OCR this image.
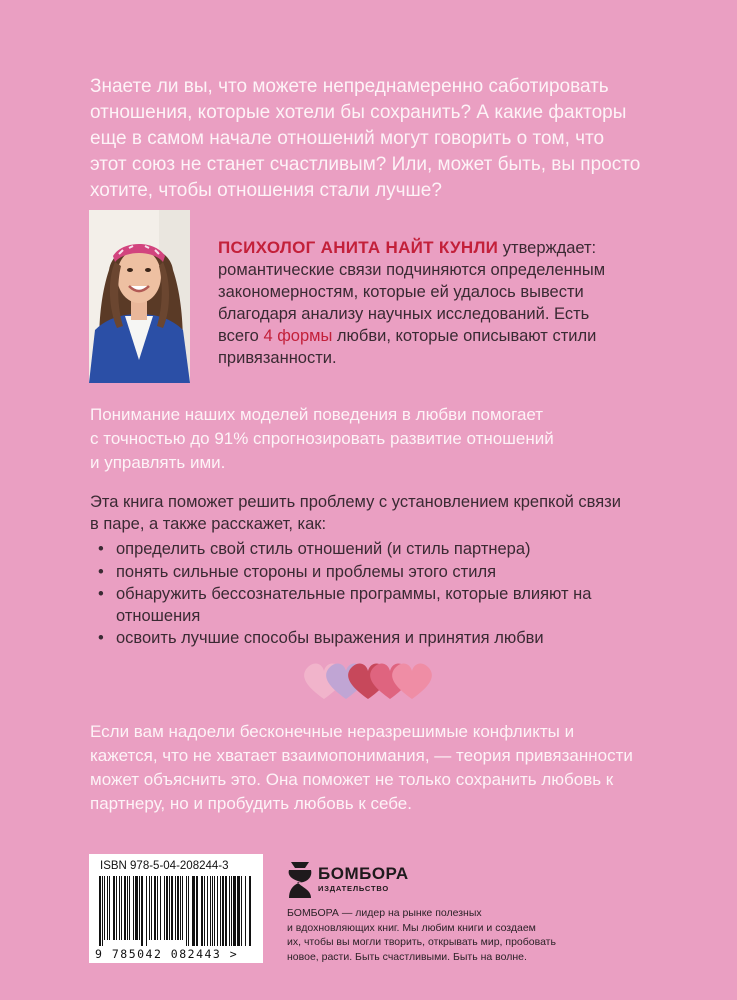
Знаете ли вы, что можете непреднамеренно саботировать
отношения, которые хотели бы сохранить? А какие факторы
еще в самом начале отношений могут говорить о том, что
этот союз не станет счастливым? Или, может быть, вы просто
хотите, чтобы отношения стали лучше?
ПСИХОЛОГ АНИТА НАЙТ КУНЛИ утверждает:
романтические связи подчиняются определенным
закономерностям, которые ей удалось вывести
благодаря анализу научных исследований. Есть
всего 4 формы любви, которые описывают стили
привязанности.
Понимание наших моделей поведения в любви помогает
с точностью до 91% спрогнозировать развитие отношений
и управлять ими.
Эта книга поможет решить проблему с установлением крепкой связи
в паре, а также расскажет, как:
• определить свой стиль отношений (и стиль партнера)
• понять сильные стороны и проблемы этого стиля
• обнаружить бессознательные программы, которые влияют на
отношения
• освоить лучшие способы выражения и принятия любви
Если вам надоели бесконечные неразрешимые конфликты и
кажется, что не хватает взаимопонимания, — теория привязанности
может объяснить это. Она поможет не только сохранить любовь к
партнеру, но и пробудить любовь к себе.
ISBN 978-5-04-208244-3
9 785042 082443 >
БОМБОРА
ИЗДАТЕЛЬСТВО
БОМБОРА — лидер на рынке полезных
и вдохновляющих книг. Мы любим книги и создаем
их, чтобы вы могли творить, открывать мир, пробовать
новое, расти. Быть счастливыми. Быть на волне.
